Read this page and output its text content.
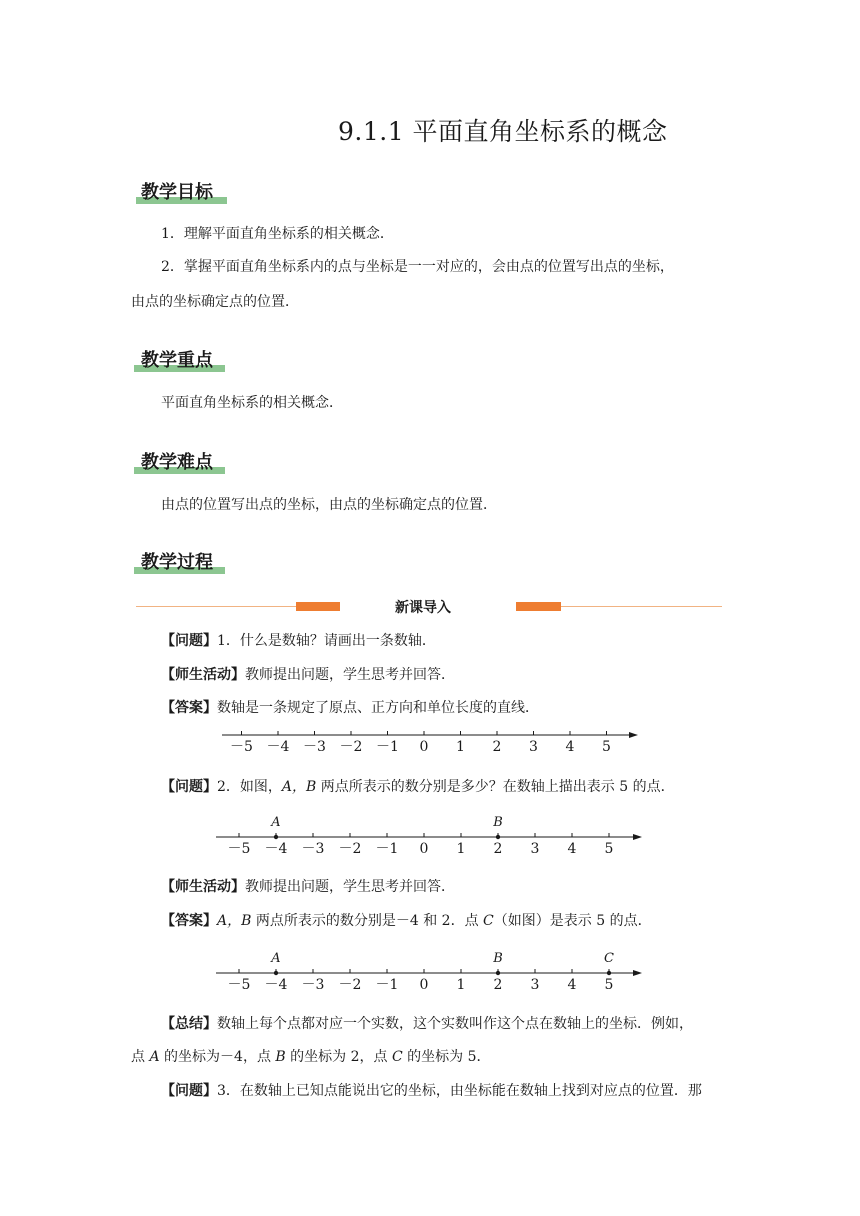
9.1.1 平面直角坐标系的概念
教学目标
1．理解平面直角坐标系的相关概念．
2．掌握平面直角坐标系内的点与坐标是一一对应的，会由点的位置写出点的坐标，
由点的坐标确定点的位置．
教学重点
平面直角坐标系的相关概念．
教学难点
由点的位置写出点的坐标，由点的坐标确定点的位置．
教学过程
新课导入
【问题】1．什么是数轴？请画出一条数轴．
【师生活动】教师提出问题，学生思考并回答．
【答案】数轴是一条规定了原点、正方向和单位长度的直线．
－5 －4 －3 －2 －1 0 1 2 3 4 5
【问题】2．如图，A，B 两点所表示的数分别是多少？在数轴上描出表示 5 的点．
－5 －4 －3 －2 －1 0 1 2 3 4 5
A	B
【师生活动】教师提出问题，学生思考并回答．
【答案】A，B 两点所表示的数分别是－4 和 2．点 C（如图）是表示 5 的点．
－5 －4 －3 －2 －1 0 1 2 3 4 5
A	B	C
【总结】数轴上每个点都对应一个实数，这个实数叫作这个点在数轴上的坐标．例如，
点 A 的坐标为－4，点 B 的坐标为 2，点 C 的坐标为 5．
【问题】3．在数轴上已知点能说出它的坐标，由坐标能在数轴上找到对应点的位置．那
